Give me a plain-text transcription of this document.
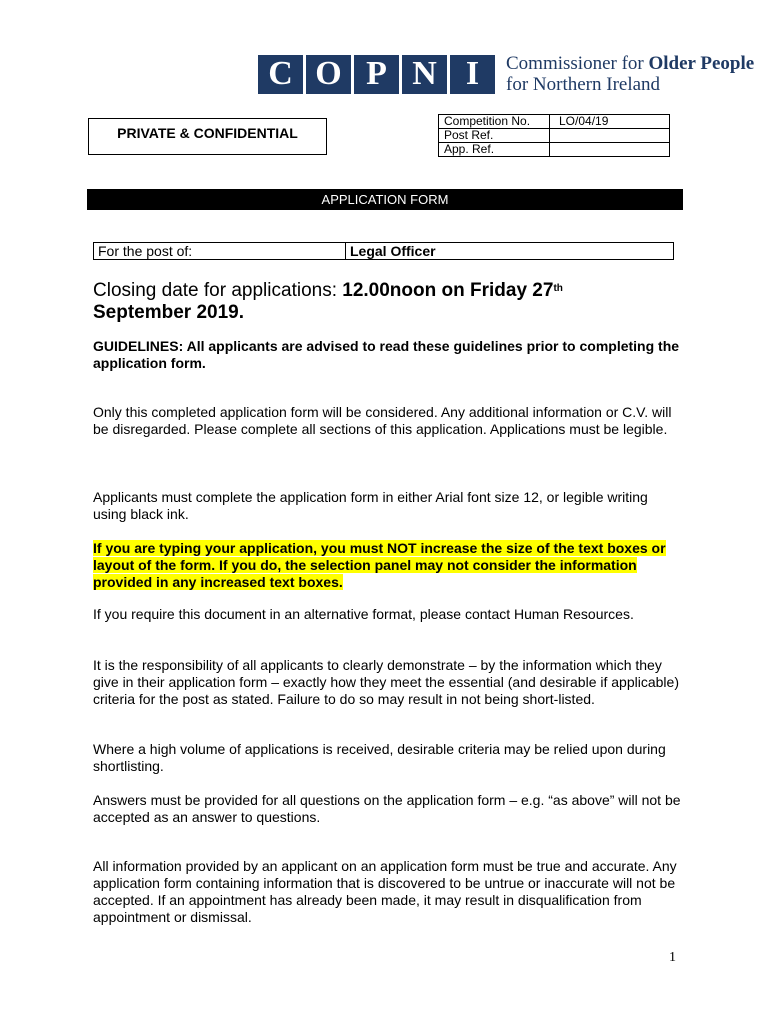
C O P N I	Commissioner for Older People
for Northern Ireland
PRIVATE & CONFIDENTIAL
Competition No.	LO/04/19
Post Ref.	
App. Ref.	
APPLICATION FORM
For the post of:	Legal Officer
Closing date for applications: 12.00noon on Friday 27th
September 2019.
GUIDELINES: All applicants are advised to read these guidelines prior to completing the application form.
Only this completed application form will be considered. Any additional information or C.V. will be disregarded. Please complete all sections of this application. Applications must be legible.
Applicants must complete the application form in either Arial font size 12, or legible writing using black ink.
If you are typing your application, you must NOT increase the size of the text boxes or layout of the form. If you do, the selection panel may not consider the information provided in any increased text boxes.
If you require this document in an alternative format, please contact Human Resources.
It is the responsibility of all applicants to clearly demonstrate – by the information which they give in their application form – exactly how they meet the essential (and desirable if applicable) criteria for the post as stated. Failure to do so may result in not being short-listed.
Where a high volume of applications is received, desirable criteria may be relied upon during shortlisting.
Answers must be provided for all questions on the application form – e.g. “as above” will not be accepted as an answer to questions.
All information provided by an applicant on an application form must be true and accurate. Any application form containing information that is discovered to be untrue or inaccurate will not be accepted. If an appointment has already been made, it may result in disqualification from appointment or dismissal.
1
